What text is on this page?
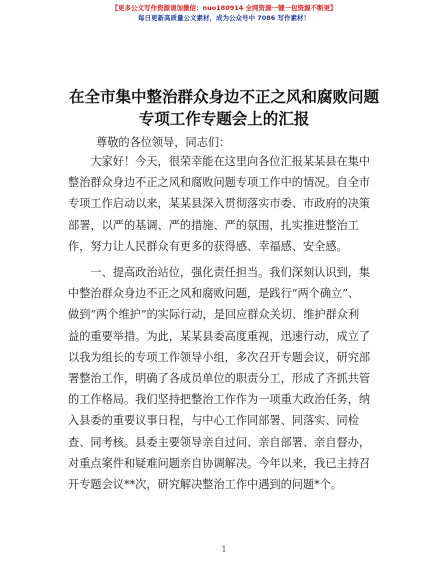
【更多公文写作资源请加微信：nuo180914 全网资源一键一包资源不断更】
每日更新高质量公文素材，成为公众号中 7086 写作素材！
在全市集中整治群众身边不正之风和腐败问题
专项工作专题会上的汇报
尊敬的各位领导，同志们：
　　大家好！今天，很荣幸能在这里向各位汇报某某县在集中
整治群众身边不正之风和腐败问题专项工作中的情况。自全市
专项工作启动以来，某某县深入贯彻落实市委、市政府的决策
部署，以严的基调、严的措施、严的氛围，扎实推进整治工
作，努力让人民群众有更多的获得感、幸福感、安全感。
　　一、提高政治站位，强化责任担当。我们深刻认识到，集
中整治群众身边不正之风和腐败问题，是践行“两个确立”、
做到“两个维护”的实际行动，是回应群众关切、维护群众利
益的重要举措。为此，某某县委高度重视，迅速行动，成立了
以我为组长的专项工作领导小组，多次召开专题会议，研究部
署整治工作，明确了各成员单位的职责分工，形成了齐抓共管
的工作格局。我们坚持把整治工作作为一项重大政治任务，纳
入县委的重要议事日程，与中心工作同部署、同落实、同检
查、同考核。县委主要领导亲自过问、亲自部署、亲自督办，
对重点案件和疑难问题亲自协调解决。今年以来，我已主持召
开专题会议**次，研究解决整治工作中遇到的问题*个。
1
